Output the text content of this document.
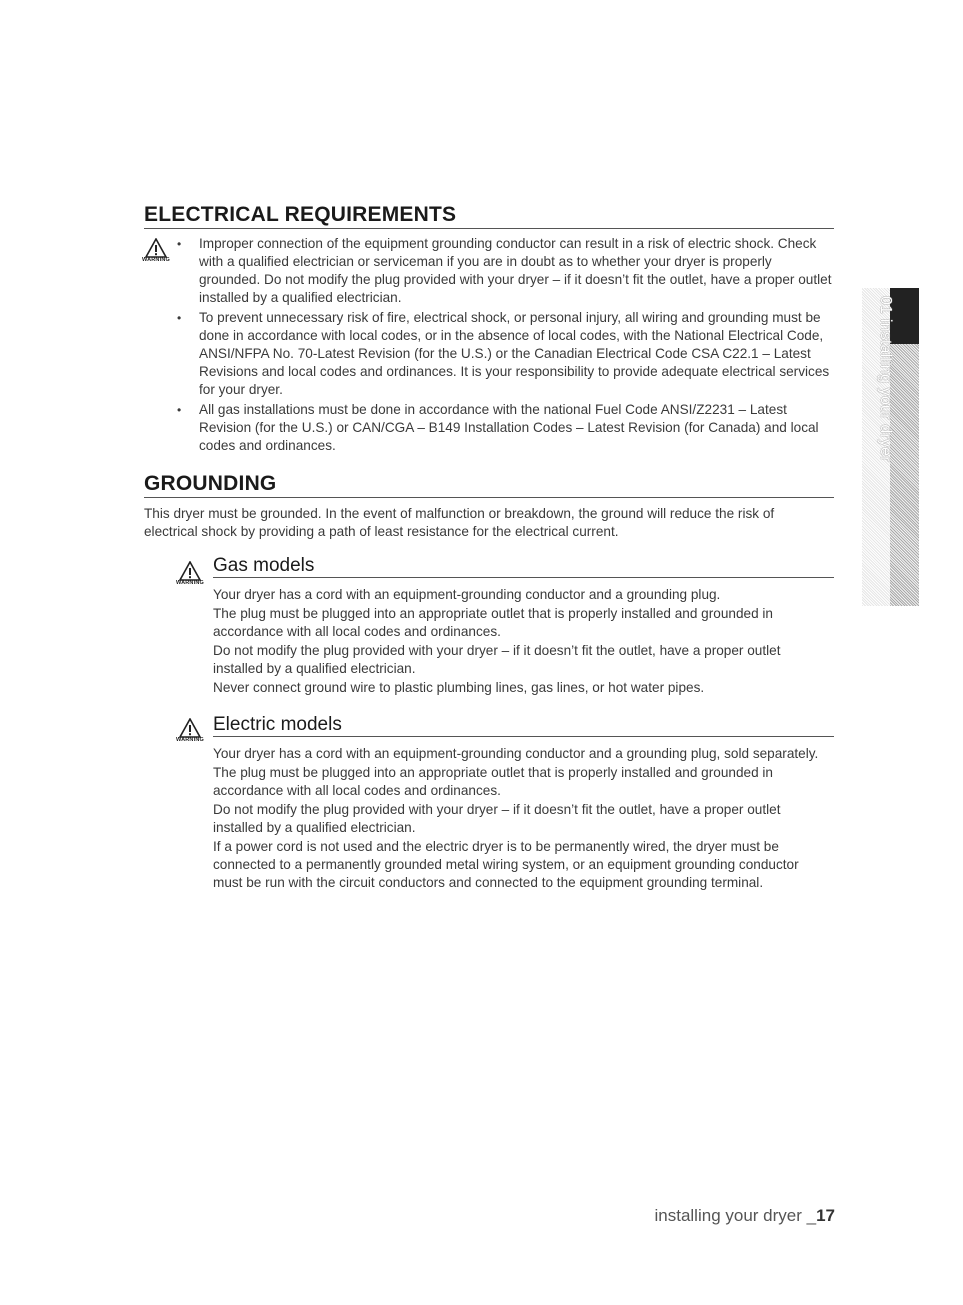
ELECTRICAL REQUIREMENTS
WARNING
• Improper connection of the equipment grounding conductor can result in a risk of electric shock. Check with a qualified electrician or serviceman if you are in doubt as to whether your dryer is properly grounded. Do not modify the plug provided with your dryer – if it doesn’t fit the outlet, have a proper outlet installed by a qualified electrician.
• To prevent unnecessary risk of fire, electrical shock, or personal injury, all wiring and grounding must be done in accordance with local codes, or in the absence of local codes, with the National Electrical Code, ANSI/NFPA No. 70-Latest Revision (for the U.S.) or the Canadian Electrical Code CSA C22.1 – Latest Revisions and local codes and ordinances. It is your responsibility to provide adequate electrical services for your dryer.
• All gas installations must be done in accordance with the national Fuel Code ANSI/Z2231 – Latest Revision (for the U.S.) or CAN/CGA – B149 Installation Codes – Latest Revision (for Canada) and local codes and ordinances.
GROUNDING

This dryer must be grounded. In the event of malfunction or breakdown, the ground will reduce the risk of electrical shock by providing a path of least resistance for the electrical current.

WARNING
Gas models

Your dryer has a cord with an equipment-grounding conductor and a grounding plug.

The plug must be plugged into an appropriate outlet that is properly installed and grounded in accordance with all local codes and ordinances.

Do not modify the plug provided with your dryer – if it doesn’t fit the outlet, have a proper outlet installed by a qualified electrician.

Never connect ground wire to plastic plumbing lines, gas lines, or hot water pipes.

WARNING
Electric models

Your dryer has a cord with an equipment-grounding conductor and a grounding plug, sold separately.

The plug must be plugged into an appropriate outlet that is properly installed and grounded in accordance with all local codes and ordinances.

Do not modify the plug provided with your dryer – if it doesn’t fit the outlet, have a proper outlet installed by a qualified electrician.

If a power cord is not used and the electric dryer is to be permanently wired, the dryer must be connected to a permanently grounded metal wiring system, or an equipment grounding conductor must be run with the circuit conductors and connected to the equipment grounding terminal.

01 installing your dryer
installing your dryer _17
